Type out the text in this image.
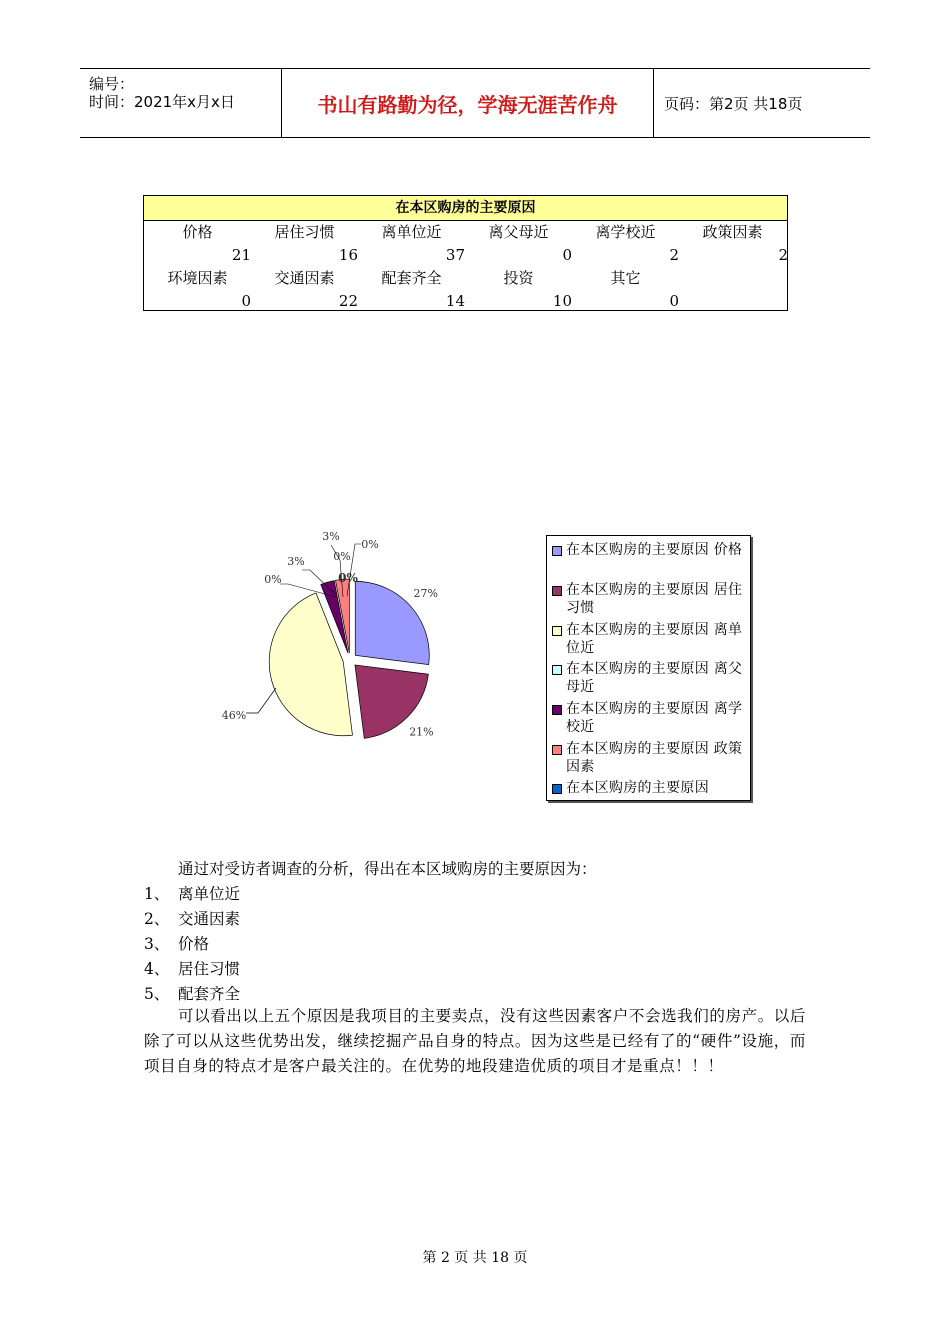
编号：
时间：2021年x月x日	书山有路勤为径，学海无涯苦作舟	页码：第2页 共18页
在本区购房的主要原因
价格	居住习惯	离单位近	离父母近	离学校近	政策因素
21	16	37	0	2	2
环境因素	交通因素	配套齐全	投资	其它
0	22	14	10	0
27%
21%
46%
0%
3%
3%
0%
0%
0%
在本区购房的主要原因 价格
在本区购房的主要原因 居住习惯
在本区购房的主要原因 离单位近
在本区购房的主要原因 离父母近
在本区购房的主要原因 离学校近
在本区购房的主要原因 政策因素
在本区购房的主要原因
通过对受访者调查的分析，得出在本区域购房的主要原因为：
1、 离单位近
2、 交通因素
3、 价格
4、 居住习惯
5、 配套齐全
可以看出以上五个原因是我项目的主要卖点，没有这些因素客户不会选我们的房产。以后除了可以从这些优势出发，继续挖掘产品自身的特点。因为这些是已经有了的“硬件”设施，而项目自身的特点才是客户最关注的。在优势的地段建造优质的项目才是重点！！！
第 2 页 共 18 页
